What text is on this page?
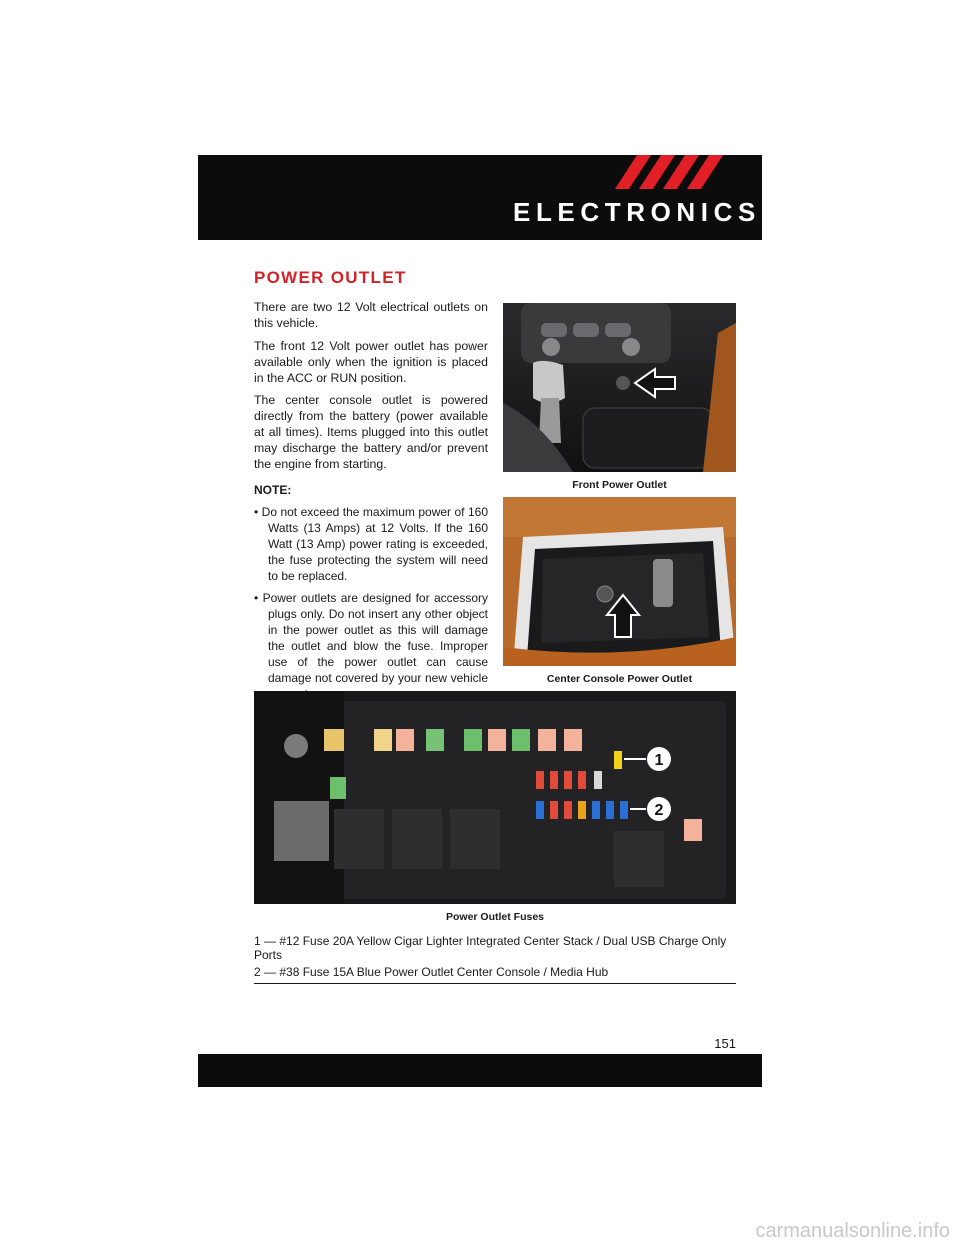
ELECTRONICS
POWER OUTLET
There are two 12 Volt electrical outlets on this vehicle.
The front 12 Volt power outlet has power available only when the ignition is placed in the ACC or RUN position.
The center console outlet is powered directly from the battery (power available at all times). Items plugged into this outlet may discharge the battery and/or prevent the engine from starting.
NOTE:
• Do not exceed the maximum power of 160 Watts (13 Amps) at 12 Volts. If the 160 Watt (13 Amp) power rating is exceeded, the fuse protecting the system will need to be replaced.
• Power outlets are designed for accessory plugs only. Do not insert any other object in the power outlet as this will damage the outlet and blow the fuse. Improper use of the power outlet can cause damage not covered by your new vehicle
Front Power Outlet
Center Console Power Outlet
1
2
Power Outlet Fuses
1 — #12 Fuse 20A Yellow Cigar Lighter Integrated Center Stack / Dual USB Charge Only Ports
2 — #38 Fuse 15A Blue Power Outlet Center Console / Media Hub
151
carmanualsonline.info
